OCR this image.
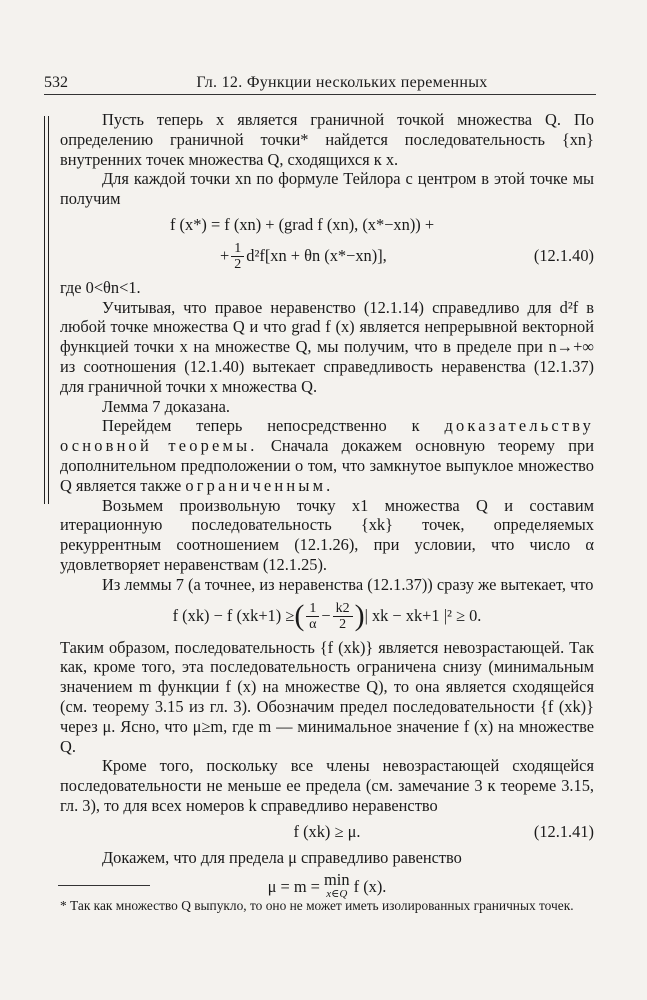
532	Гл. 12. Функции нескольких переменных

Пусть теперь x является граничной точкой множества Q. По определению граничной точки* найдется последовательность {xn} внутренних точек множества Q, сходящихся к x.

Для каждой точки xn по формуле Тейлора с центром в этой точке мы получим

f (x*) = f (xn) + (grad f (xn), (x*−xn)) +
+ $\frac{1}{2} d^2f[xn + \theta n$ (x*−xn)],	(12.1.40)

где 0<θn<1.

Учитывая, что правое неравенство (12.1.14) справедливо для d²f в любой точке множества Q и что grad f (x) является непрерывной векторной функцией точки x на множестве Q, мы получим, что в пределе при n→+∞ из соотношения (12.1.40) вытекает справедливость неравенства (12.1.37) для граничной точки x множества Q.

Лемма 7 доказана.

Перейдем теперь непосредственно к доказательству основной теоремы. Сначала докажем основную теорему при дополнительном предположении о том, что замкнутое выпуклое множество Q является также ограниченным.

Возьмем произвольную точку x1 множества Q и составим итерационную последовательность {xk} точек, определяемых рекуррентным соотношением (12.1.26), при условии, что число α удовлетворяет неравенствам (12.1.25).

Из леммы 7 (а точнее, из неравенства (12.1.37)) сразу же вытекает, что

f (xk) − f (xk+1) ≥ ( $\frac{1}{\alpha} - \frac{k2}{2}$ ) | xk − xk+1 |² ≥ 0.

Таким образом, последовательность {f (xk)} является невозрастающей. Так как, кроме того, эта последовательность ограничена снизу (минимальным значением m функции f (x) на множестве Q), то она является сходящейся (см. теорему 3.15 из гл. 3). Обозначим предел последовательности {f (xk)} через μ. Ясно, что μ≥m, где m — минимальное значение f (x) на множестве Q.

Кроме того, поскольку все члены невозрастающей сходящейся последовательности не меньше ее предела (см. замечание 3 к теореме 3.15, гл. 3), то для всех номеров k справедливо неравенство

f (xk) ≥ μ.	(12.1.41)

Докажем, что для предела μ справедливо равенство

μ = m =
min
x∈Q
f (x).

* Так как множество Q выпукло, то оно не может иметь изолированных граничных точек.
